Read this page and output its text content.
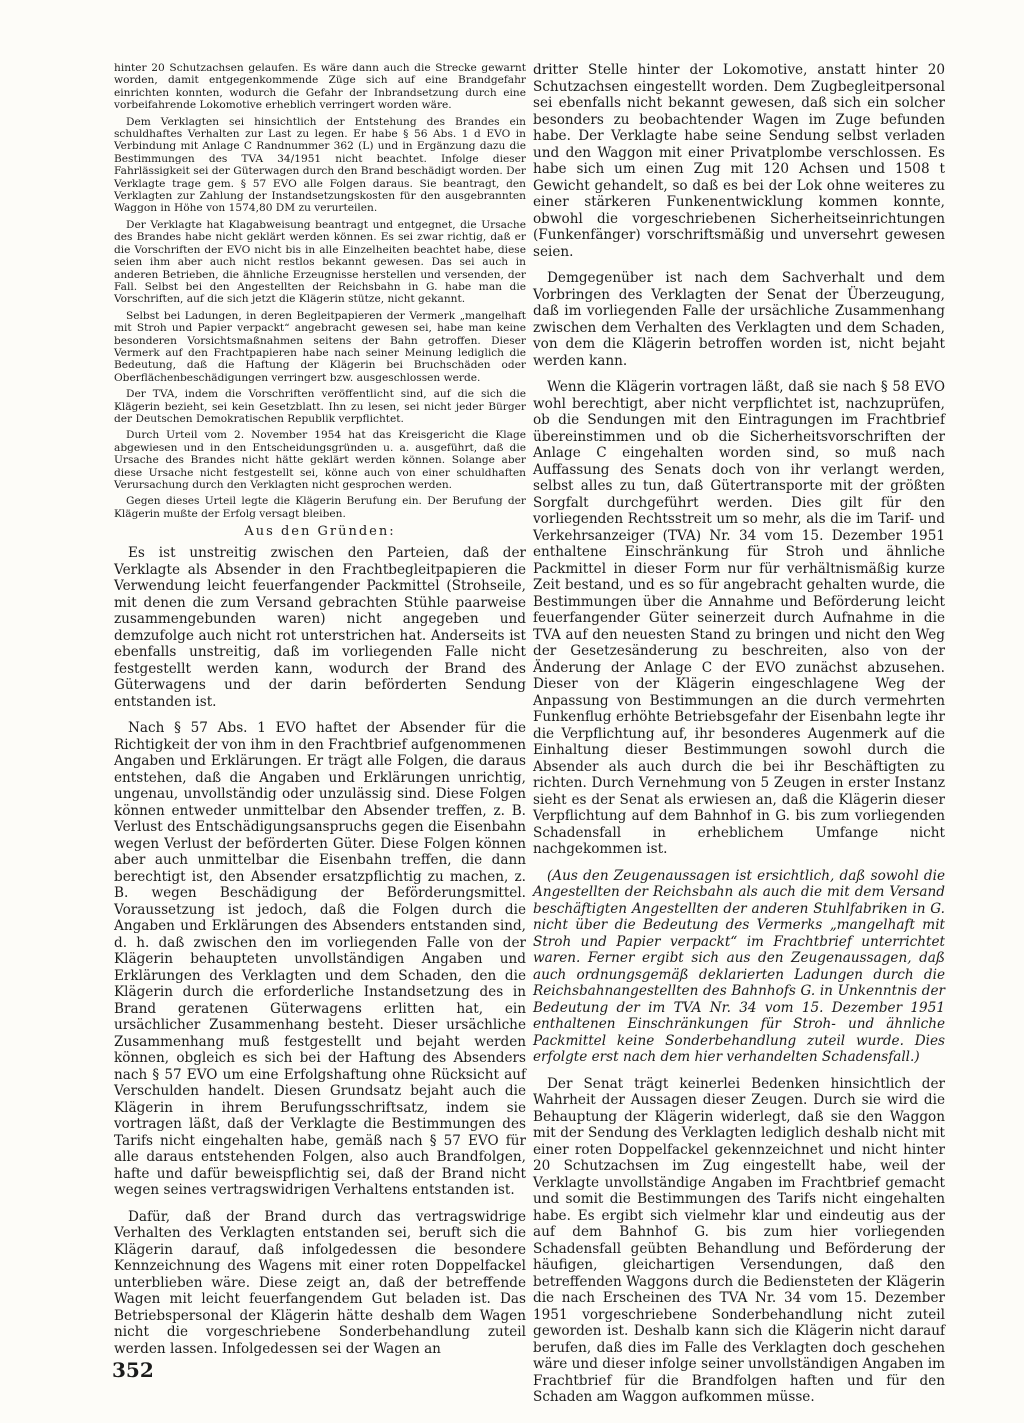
hinter 20 Schutzachsen gelaufen. Es wäre dann auch die Strecke gewarnt worden, damit entgegenkommende Züge sich auf eine Brandgefahr einrichten konnten, wodurch die Gefahr der Inbrandsetzung durch eine vorbeifahrende Lokomotive erheblich verringert worden wäre.

Dem Verklagten sei hinsichtlich der Entstehung des Brandes ein schuldhaftes Verhalten zur Last zu legen. Er habe § 56 Abs. 1 d EVO in Verbindung mit Anlage C Randnummer 362 (L) und in Ergänzung dazu die Bestimmungen des TVA 34/1951 nicht beachtet. Infolge dieser Fahrlässigkeit sei der Güterwagen durch den Brand beschädigt worden. Der Verklagte trage gem. § 57 EVO alle Folgen daraus. Sie beantragt, den Verklagten zur Zahlung der Instandsetzungskosten für den ausgebrannten Waggon in Höhe von 1574,80 DM zu verurteilen.

Der Verklagte hat Klagabweisung beantragt und entgegnet, die Ursache des Brandes habe nicht geklärt werden können. Es sei zwar richtig, daß er die Vorschriften der EVO nicht bis in alle Einzelheiten beachtet habe, diese seien ihm aber auch nicht restlos bekannt gewesen. Das sei auch in anderen Betrieben, die ähnliche Erzeugnisse herstellen und versenden, der Fall. Selbst bei den Angestellten der Reichsbahn in G. habe man die Vorschriften, auf die sich jetzt die Klägerin stütze, nicht gekannt.

Selbst bei Ladungen, in deren Begleitpapieren der Vermerk „mangelhaft mit Stroh und Papier verpackt“ angebracht gewesen sei, habe man keine besonderen Vorsichtsmaßnahmen seitens der Bahn getroffen. Dieser Vermerk auf den Frachtpapieren habe nach seiner Meinung lediglich die Bedeutung, daß die Haftung der Klägerin bei Bruchschäden oder Oberflächenbeschädigungen verringert bzw. ausgeschlossen werde.

Der TVA, indem die Vorschriften veröffentlicht sind, auf die sich die Klägerin bezieht, sei kein Gesetzblatt. Ihn zu lesen, sei nicht jeder Bürger der Deutschen Demokratischen Republik verpflichtet.

Durch Urteil vom 2. November 1954 hat das Kreisgericht die Klage abgewiesen und in den Entscheidungsgründen u. a. ausgeführt, daß die Ursache des Brandes nicht hätte geklärt werden können. Solange aber diese Ursache nicht festgestellt sei, könne auch von einer schuldhaften Verursachung durch den Verklagten nicht gesprochen werden.

Gegen dieses Urteil legte die Klägerin Berufung ein. Der Berufung der Klägerin mußte der Erfolg versagt bleiben.

Aus den Gründen:

Es ist unstreitig zwischen den Parteien, daß der Verklagte als Absender in den Frachtbegleitpapieren die Verwendung leicht feuerfangender Packmittel (Strohseile, mit denen die zum Versand gebrachten Stühle paarweise zusammengebunden waren) nicht angegeben und demzufolge auch nicht rot unterstrichen hat. Anderseits ist ebenfalls unstreitig, daß im vorliegenden Falle nicht festgestellt werden kann, wodurch der Brand des Güterwagens und der darin beförderten Sendung entstanden ist.

Nach § 57 Abs. 1 EVO haftet der Absender für die Richtigkeit der von ihm in den Frachtbrief aufgenommenen Angaben und Erklärungen. Er trägt alle Folgen, die daraus entstehen, daß die Angaben und Erklärungen unrichtig, ungenau, unvollständig oder unzulässig sind. Diese Folgen können entweder unmittelbar den Absender treffen, z. B. Verlust des Entschädigungsanspruchs gegen die Eisenbahn wegen Verlust der beförderten Güter. Diese Folgen können aber auch unmittelbar die Eisenbahn treffen, die dann berechtigt ist, den Absender ersatzpflichtig zu machen, z. B. wegen Beschädigung der Beförderungsmittel. Voraussetzung ist jedoch, daß die Folgen durch die Angaben und Erklärungen des Absenders entstanden sind, d. h. daß zwischen den im vorliegenden Falle von der Klägerin behaupteten unvollständigen Angaben und Erklärungen des Verklagten und dem Schaden, den die Klägerin durch die erforderliche Instandsetzung des in Brand geratenen Güterwagens erlitten hat, ein ursächlicher Zusammenhang besteht. Dieser ursächliche Zusammenhang muß festgestellt und bejaht werden können, obgleich es sich bei der Haftung des Absenders nach § 57 EVO um eine Erfolgshaftung ohne Rücksicht auf Verschulden handelt. Diesen Grundsatz bejaht auch die Klägerin in ihrem Berufungsschriftsatz, indem sie vortragen läßt, daß der Verklagte die Bestimmungen des Tarifs nicht eingehalten habe, gemäß nach § 57 EVO für alle daraus entstehenden Folgen, also auch Brandfolgen, hafte und dafür beweispflichtig sei, daß der Brand nicht wegen seines vertragswidrigen Verhaltens entstanden ist.

Dafür, daß der Brand durch das vertragswidrige Verhalten des Verklagten entstanden sei, beruft sich die Klägerin darauf, daß infolgedessen die besondere Kennzeichnung des Wagens mit einer roten Doppelfackel unterblieben wäre. Diese zeigt an, daß der betreffende Wagen mit leicht feuerfangendem Gut beladen ist. Das Betriebspersonal der Klägerin hätte deshalb dem Wagen nicht die vorgeschriebene Sonderbehandlung zuteil werden lassen. Infolgedessen sei der Wagen an

dritter Stelle hinter der Lokomotive, anstatt hinter 20 Schutzachsen eingestellt worden. Dem Zugbegleitpersonal sei ebenfalls nicht bekannt gewesen, daß sich ein solcher besonders zu beobachtender Wagen im Zuge befunden habe. Der Verklagte habe seine Sendung selbst verladen und den Waggon mit einer Privatplombe verschlossen. Es habe sich um einen Zug mit 120 Achsen und 1508 t Gewicht gehandelt, so daß es bei der Lok ohne weiteres zu einer stärkeren Funkenentwicklung kommen konnte, obwohl die vorgeschriebenen Sicherheitseinrichtungen (Funkenfänger) vorschriftsmäßig und unversehrt gewesen seien.

Demgegenüber ist nach dem Sachverhalt und dem Vorbringen des Verklagten der Senat der Überzeugung, daß im vorliegenden Falle der ursächliche Zusammenhang zwischen dem Verhalten des Verklagten und dem Schaden, von dem die Klägerin betroffen worden ist, nicht bejaht werden kann.

Wenn die Klägerin vortragen läßt, daß sie nach § 58 EVO wohl berechtigt, aber nicht verpflichtet ist, nachzuprüfen, ob die Sendungen mit den Eintragungen im Frachtbrief übereinstimmen und ob die Sicherheitsvorschriften der Anlage C eingehalten worden sind, so muß nach Auffassung des Senats doch von ihr verlangt werden, selbst alles zu tun, daß Gütertransporte mit der größten Sorgfalt durchgeführt werden. Dies gilt für den vorliegenden Rechtsstreit um so mehr, als die im Tarif- und Verkehrsanzeiger (TVA) Nr. 34 vom 15. Dezember 1951 enthaltene Einschränkung für Stroh und ähnliche Packmittel in dieser Form nur für verhältnismäßig kurze Zeit bestand, und es so für angebracht gehalten wurde, die Bestimmungen über die Annahme und Beförderung leicht feuerfangender Güter seinerzeit durch Aufnahme in die TVA auf den neuesten Stand zu bringen und nicht den Weg der Gesetzesänderung zu beschreiten, also von der Änderung der Anlage C der EVO zunächst abzusehen. Dieser von der Klägerin eingeschlagene Weg der Anpassung von Bestimmungen an die durch vermehrten Funkenflug erhöhte Betriebsgefahr der Eisenbahn legte ihr die Verpflichtung auf, ihr besonderes Augenmerk auf die Einhaltung dieser Bestimmungen sowohl durch die Absender als auch durch die bei ihr Beschäftigten zu richten. Durch Vernehmung von 5 Zeugen in erster Instanz sieht es der Senat als erwiesen an, daß die Klägerin dieser Verpflichtung auf dem Bahnhof in G. bis zum vorliegenden Schadensfall in erheblichem Umfange nicht nachgekommen ist.

(Aus den Zeugenaussagen ist ersichtlich, daß sowohl die Angestellten der Reichsbahn als auch die mit dem Versand beschäftigten Angestellten der anderen Stuhlfabriken in G. nicht über die Bedeutung des Vermerks „mangelhaft mit Stroh und Papier verpackt“ im Frachtbrief unterrichtet waren. Ferner ergibt sich aus den Zeugenaussagen, daß auch ordnungsgemäß deklarierten Ladungen durch die Reichsbahnangestellten des Bahnhofs G. in Unkenntnis der Bedeutung der im TVA Nr. 34 vom 15. Dezember 1951 enthaltenen Einschränkungen für Stroh- und ähnliche Packmittel keine Sonderbehandlung zuteil wurde. Dies erfolgte erst nach dem hier verhandelten Schadensfall.)

Der Senat trägt keinerlei Bedenken hinsichtlich der Wahrheit der Aussagen dieser Zeugen. Durch sie wird die Behauptung der Klägerin widerlegt, daß sie den Waggon mit der Sendung des Verklagten lediglich deshalb nicht mit einer roten Doppelfackel gekennzeichnet und nicht hinter 20 Schutzachsen im Zug eingestellt habe, weil der Verklagte unvollständige Angaben im Frachtbrief gemacht und somit die Bestimmungen des Tarifs nicht eingehalten habe. Es ergibt sich vielmehr klar und eindeutig aus der auf dem Bahnhof G. bis zum hier vorliegenden Schadensfall geübten Behandlung und Beförderung der häufigen, gleichartigen Versendungen, daß den betreffenden Waggons durch die Bediensteten der Klägerin die nach Erscheinen des TVA Nr. 34 vom 15. Dezember 1951 vorgeschriebene Sonderbehandlung nicht zuteil geworden ist. Deshalb kann sich die Klägerin nicht darauf berufen, daß dies im Falle des Verklagten doch geschehen wäre und dieser infolge seiner unvollständigen Angaben im Frachtbrief für die Brandfolgen haften und für den Schaden am Waggon aufkommen müsse.

352
